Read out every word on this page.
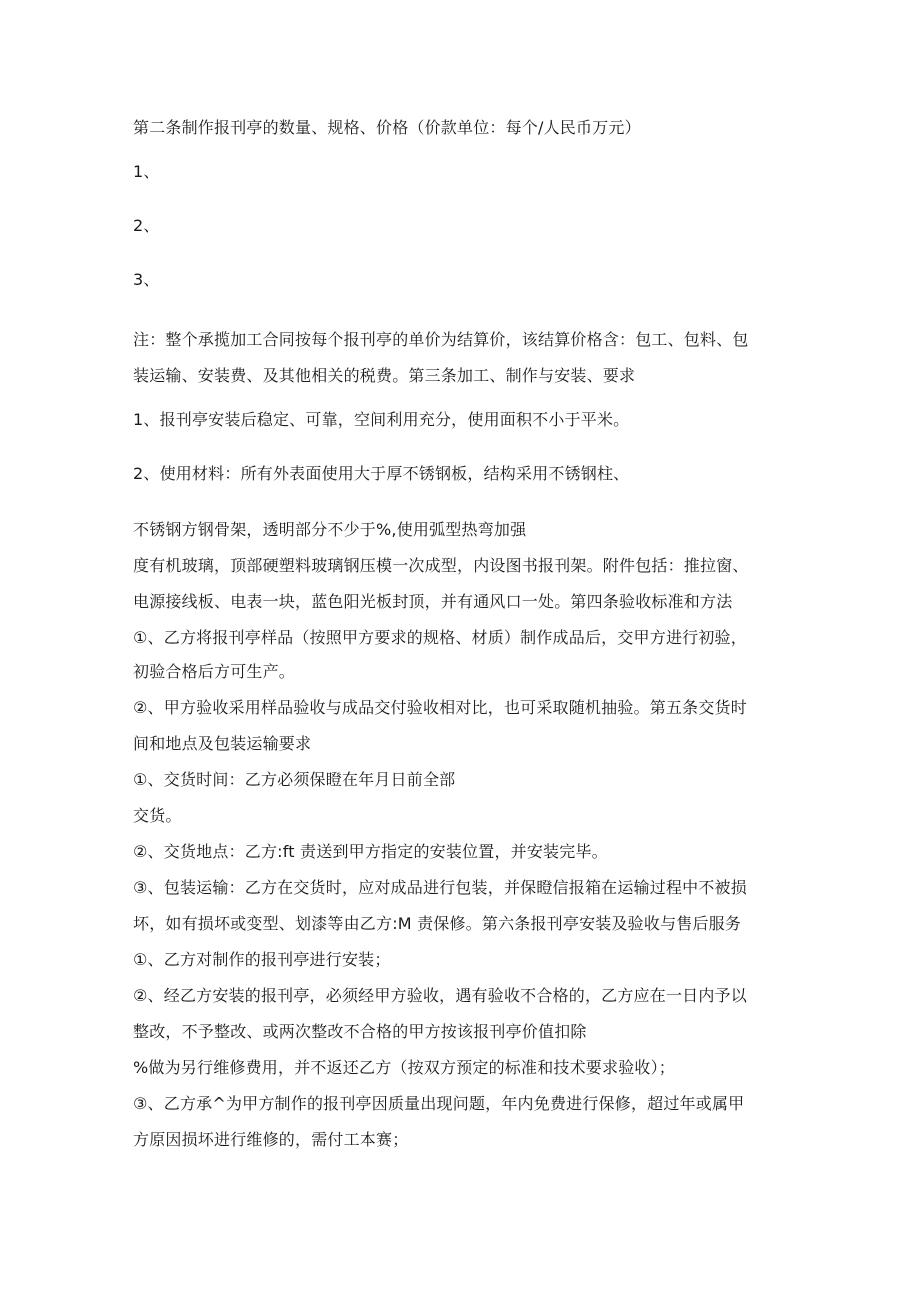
第二条制作报刊亭的数量、规格、价格（价款单位：每个/人民币万元）
1、
2、
3、
注：整个承揽加工合同按每个报刊亭的单价为结算价，该结算价格含：包工、包料、包
装运输、安装费、及其他相关的税费。第三条加工、制作与安装、要求
1、报刊亭安装后稳定、可靠，空间利用充分，使用面积不小于平米。
2、使用材料：所有外表面使用大于厚不锈钢板，结构采用不锈钢柱、
不锈钢方钢骨架，透明部分不少于%,使用弧型热弯加强
度有机玻璃，顶部硬塑料玻璃钢压模一次成型，内设图书报刊架。附件包括：推拉窗、
电源接线板、电表一块，蓝色阳光板封顶，并有通风口一处。第四条验收标准和方法
①、乙方将报刊亭样品（按照甲方要求的规格、材质）制作成品后，交甲方进行初验，
初验合格后方可生产。
②、甲方验收采用样品验收与成品交付验收相对比，也可采取随机抽验。第五条交货时
间和地点及包装运输要求
①、交货时间：乙方必须保瞪在年月日前全部
交货。
②、交货地点：乙方:ft 责送到甲方指定的安装位置，并安装完毕。
③、包装运输：乙方在交货时，应对成品进行包装，并保瞪信报箱在运输过程中不被损
坏，如有损坏或变型、划漆等由乙方:M 责保修。第六条报刊亭安装及验收与售后服务
①、乙方对制作的报刊亭进行安装；
②、经乙方安装的报刊亭，必须经甲方验收，遇有验收不合格的，乙方应在一日内予以
整改，不予整改、或两次整改不合格的甲方按该报刊亭价值扣除
%做为另行维修费用，并不返还乙方（按双方预定的标准和技术要求验收）；
③、乙方承^为甲方制作的报刊亭因质量出现问题，年内免费进行保修，超过年或属甲
方原因损坏进行维修的，需付工本赛；
